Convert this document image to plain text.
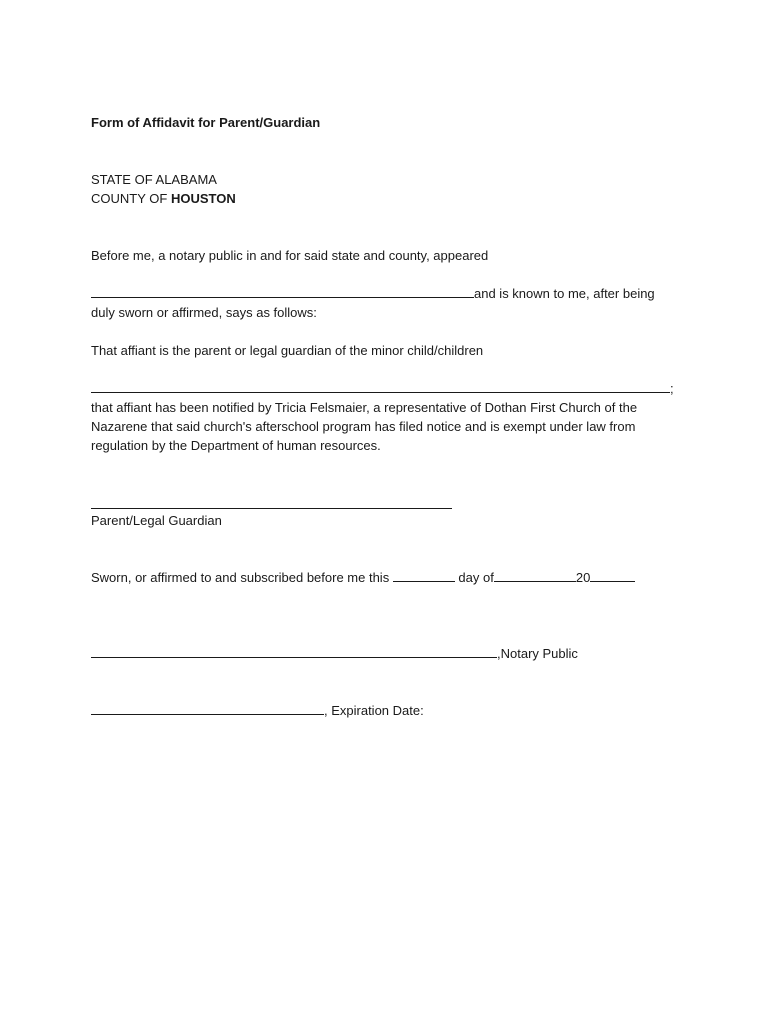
Form of Affidavit for Parent/Guardian
STATE OF ALABAMA
COUNTY OF HOUSTON
Before me, a notary public in and for said state and county, appeared
and is known to me, after being
duly sworn or affirmed, says as follows:
That affiant is the parent or legal guardian of the minor child/children
;
that affiant has been notified by Tricia Felsmaier, a representative of Dothan First Church of the Nazarene that said church's afterschool program has filed notice and is exempt under law from regulation by the Department of human resources.
Parent/Legal Guardian
Sworn, or affirmed to and subscribed before me this	day of	20
,Notary Public
, Expiration Date:
